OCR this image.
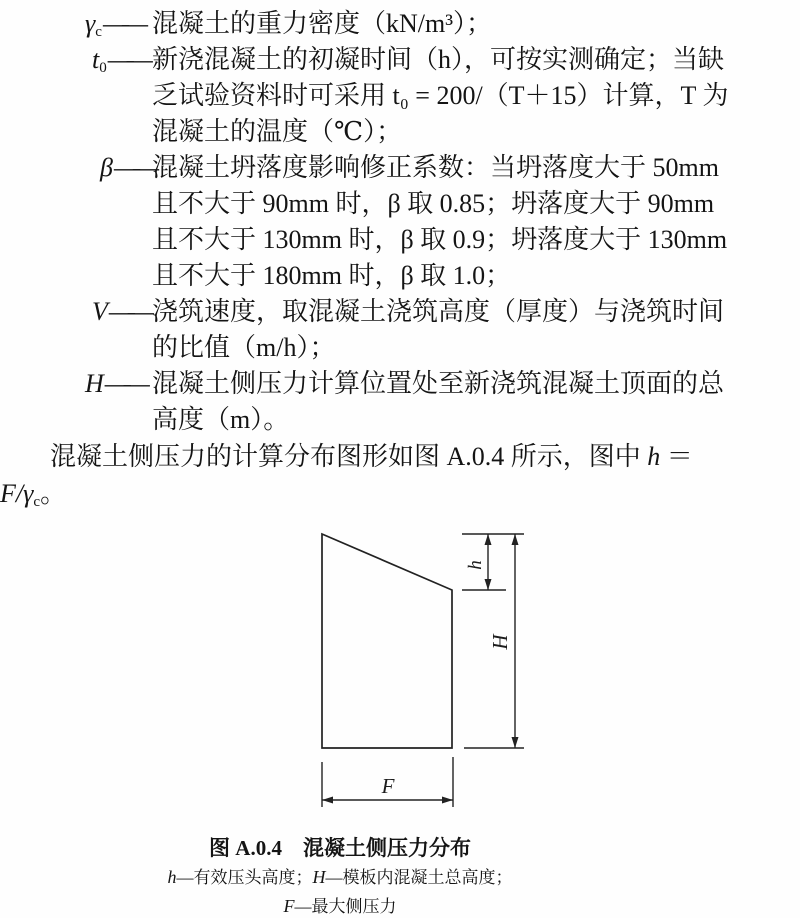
$\gamma_c——$ 混凝土的重力密度（kN/m³）；
$t_0——$ 新浇混凝土的初凝时间（h），可按实测确定；当缺
乏试验资料时可采用 t₀ = 200/（T＋15）计算，T 为
混凝土的温度（℃）；
β—— 混凝土坍落度影响修正系数：当坍落度大于 50mm
且不大于 90mm 时，β 取 0.85；坍落度大于 90mm
且不大于 130mm 时，β 取 0.9；坍落度大于 130mm
且不大于 180mm 时，β 取 1.0；
V—— 浇筑速度，取混凝土浇筑高度（厚度）与浇筑时间
的比值（m/h）；
H—— 混凝土侧压力计算位置处至新浇筑混凝土顶面的总
高度（m）。

混凝土侧压力的计算分布图形如图 A.0.4 所示，图中 h ＝
$F/\gamma_c$。

h
H
F
图 A.0.4　混凝土侧压力分布
h—有效压头高度；H—模板内混凝土总高度；
F—最大侧压力
